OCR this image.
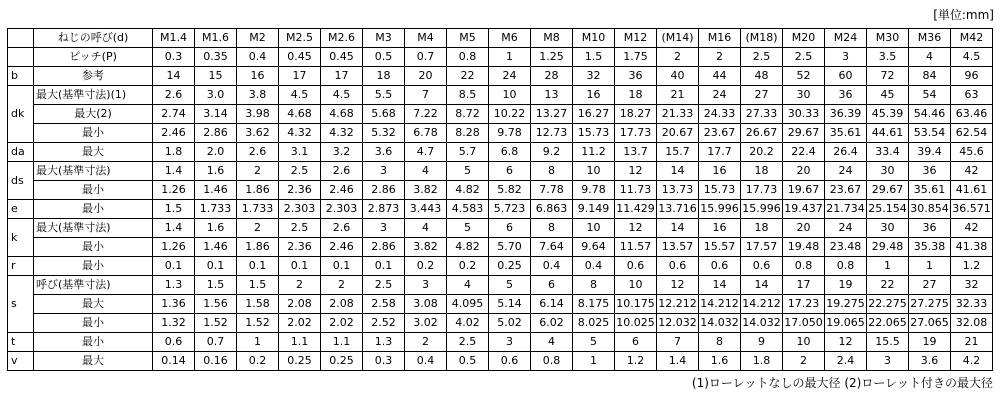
[単位:mm]
	ねじの呼び(d)	M1.4	M1.6	M2	M2.5	M2.6	M3	M4	M5	M6	M8	M10	M12	(M14)	M16	(M18)	M20	M24	M30	M36	M42
	ピッチ(P)	0.3	0.35	0.4	0.45	0.45	0.5	0.7	0.8	1	1.25	1.5	1.75	2	2	2.5	2.5	3	3.5	4	4.5
b	参考	14	15	16	17	17	18	20	22	24	28	32	36	40	44	48	52	60	72	84	96
dk	最大(基準寸法)(1)	2.6	3.0	3.8	4.5	4.5	5.5	7	8.5	10	13	16	18	21	24	27	30	36	45	54	63
	最大(2)	2.74	3.14	3.98	4.68	4.68	5.68	7.22	8.72	10.22	13.27	16.27	18.27	21.33	24.33	27.33	30.33	36.39	45.39	54.46	63.46
	最小	2.46	2.86	3.62	4.32	4.32	5.32	6.78	8.28	9.78	12.73	15.73	17.73	20.67	23.67	26.67	29.67	35.61	44.61	53.54	62.54
da	最大	1.8	2.0	2.6	3.1	3.2	3.6	4.7	5.7	6.8	9.2	11.2	13.7	15.7	17.7	20.2	22.4	26.4	33.4	39.4	45.6
ds	最大(基準寸法)	1.4	1.6	2	2.5	2.6	3	4	5	6	8	10	12	14	16	18	20	24	30	36	42
	最小	1.26	1.46	1.86	2.36	2.46	2.86	3.82	4.82	5.82	7.78	9.78	11.73	13.73	15.73	17.73	19.67	23.67	29.67	35.61	41.61
e	最小	1.5	1.733	1.733	2.303	2.303	2.873	3.443	4.583	5.723	6.863	9.149	11.429	13.716	15.996	15.996	19.437	21.734	25.154	30.854	36.571
k	最大(基準寸法)	1.4	1.6	2	2.5	2.6	3	4	5	6	8	10	12	14	16	18	20	24	30	36	42
	最小	1.26	1.46	1.86	2.36	2.46	2.86	3.82	4.82	5.70	7.64	9.64	11.57	13.57	15.57	17.57	19.48	23.48	29.48	35.38	41.38
r	最小	0.1	0.1	0.1	0.1	0.1	0.1	0.2	0.2	0.25	0.4	0.4	0.6	0.6	0.6	0.6	0.8	0.8	1	1	1.2
s	呼び(基準寸法)	1.3	1.5	1.5	2	2	2.5	3	4	5	6	8	10	12	14	14	17	19	22	27	32
	最大	1.36	1.56	1.58	2.08	2.08	2.58	3.08	4.095	5.14	6.14	8.175	10.175	12.212	14.212	14.212	17.23	19.275	22.275	27.275	32.33
	最小	1.32	1.52	1.52	2.02	2.02	2.52	3.02	4.02	5.02	6.02	8.025	10.025	12.032	14.032	14.032	17.050	19.065	22.065	27.065	32.08
t	最小	0.6	0.7	1	1.1	1.1	1.3	2	2.5	3	4	5	6	7	8	9	10	12	15.5	19	21
v	最大	0.14	0.16	0.2	0.25	0.25	0.3	0.4	0.5	0.6	0.8	1	1.2	1.4	1.6	1.8	2	2.4	3	3.6	4.2
(1)ローレットなしの最大径 (2)ローレット付きの最大径
